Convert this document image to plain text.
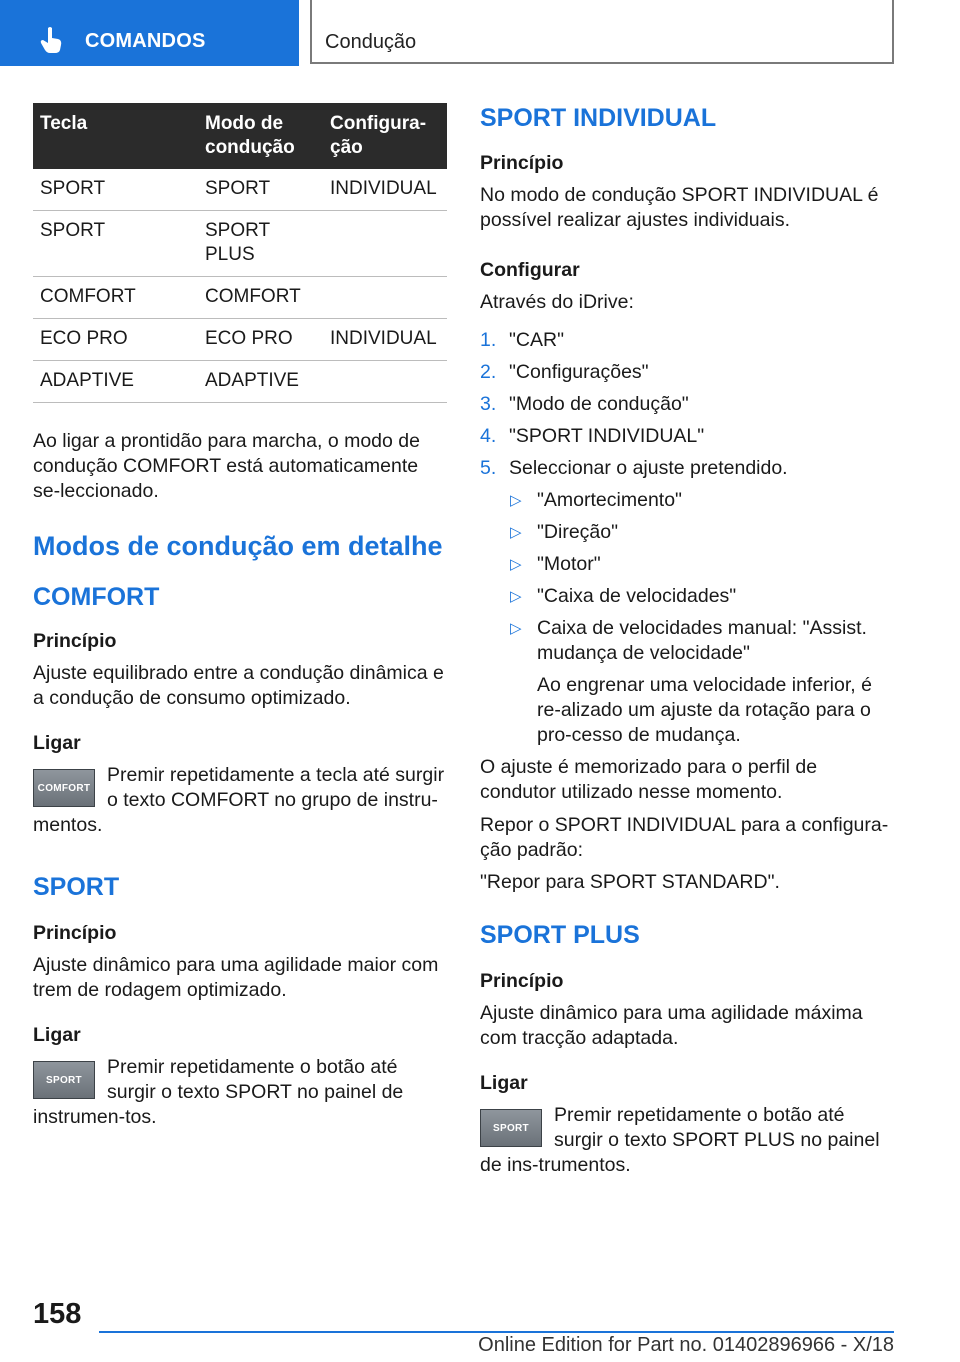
COMANDOS	Condução
Tecla	Modo de condução	Configura-ção
SPORT	SPORT	INDIVIDUAL
SPORT	SPORT PLUS	
COMFORT	COMFORT	
ECO PRO	ECO PRO	INDIVIDUAL
ADAPTIVE	ADAPTIVE	

Ao ligar a prontidão para marcha, o modo de condução COMFORT está automaticamente se-leccionado.

Modos de condução em detalhe

COMFORT

Princípio

Ajuste equilibrado entre a condução dinâmica e a condução de consumo optimizado.

Ligar

COMFORT
Premir repetidamente a tecla até surgir o texto COMFORT no grupo de instru-mentos.

SPORT

Princípio

Ajuste dinâmico para uma agilidade maior com trem de rodagem optimizado.

Ligar

SPORT
Premir repetidamente o botão até surgir o texto SPORT no painel de instrumen-tos.

SPORT INDIVIDUAL

Princípio

No modo de condução SPORT INDIVIDUAL é possível realizar ajustes individuais.

Configurar

Através do iDrive:

1. "CAR"
2. "Configurações"
3. "Modo de condução"
4. "SPORT INDIVIDUAL"
5. Seleccionar o ajuste pretendido.
▷ "Amortecimento"
▷ "Direção"
▷ "Motor"
▷ "Caixa de velocidades"
▷ Caixa de velocidades manual: "Assist. mudança de velocidade"

Ao engrenar uma velocidade inferior, é re-alizado um ajuste da rotação para o pro-cesso de mudança.

O ajuste é memorizado para o perfil de condutor utilizado nesse momento.

Repor o SPORT INDIVIDUAL para a configura-ção padrão:

"Repor para SPORT STANDARD".

SPORT PLUS

Princípio

Ajuste dinâmico para uma agilidade máxima com tracção adaptada.

Ligar

SPORT
Premir repetidamente o botão até surgir o texto SPORT PLUS no painel de ins-trumentos.
158
Online Edition for Part no. 01402896966 - X/18
